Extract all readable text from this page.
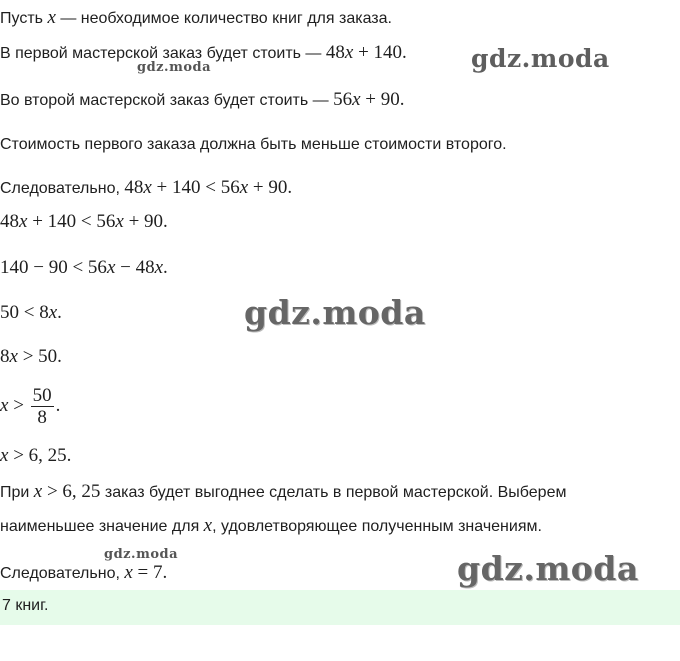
Пусть x — необходимое количество книг для заказа.
В первой мастерской заказ будет стоить — 48x + 140.
Во второй мастерской заказ будет стоить — 56x + 90.
Стоимость первого заказа должна быть меньше стоимости второго.
Следовательно, 48x + 140 < 56x + 90.
48x + 140 < 56x + 90.
140 − 90 < 56x − 48x.
50 < 8x.
8x > 50.
$x > \frac{50}{8}$ .
x > 6, 25.
При x > 6, 25 заказ будет выгоднее сделать в первой мастерской. Выберем
наименьшее значение для x, удовлетворяющее полученным значениям.
Следовательно, x = 7.
7 книг.
gdz.moda	gdz.moda
gdz.moda
gdz.moda	gdz.moda
